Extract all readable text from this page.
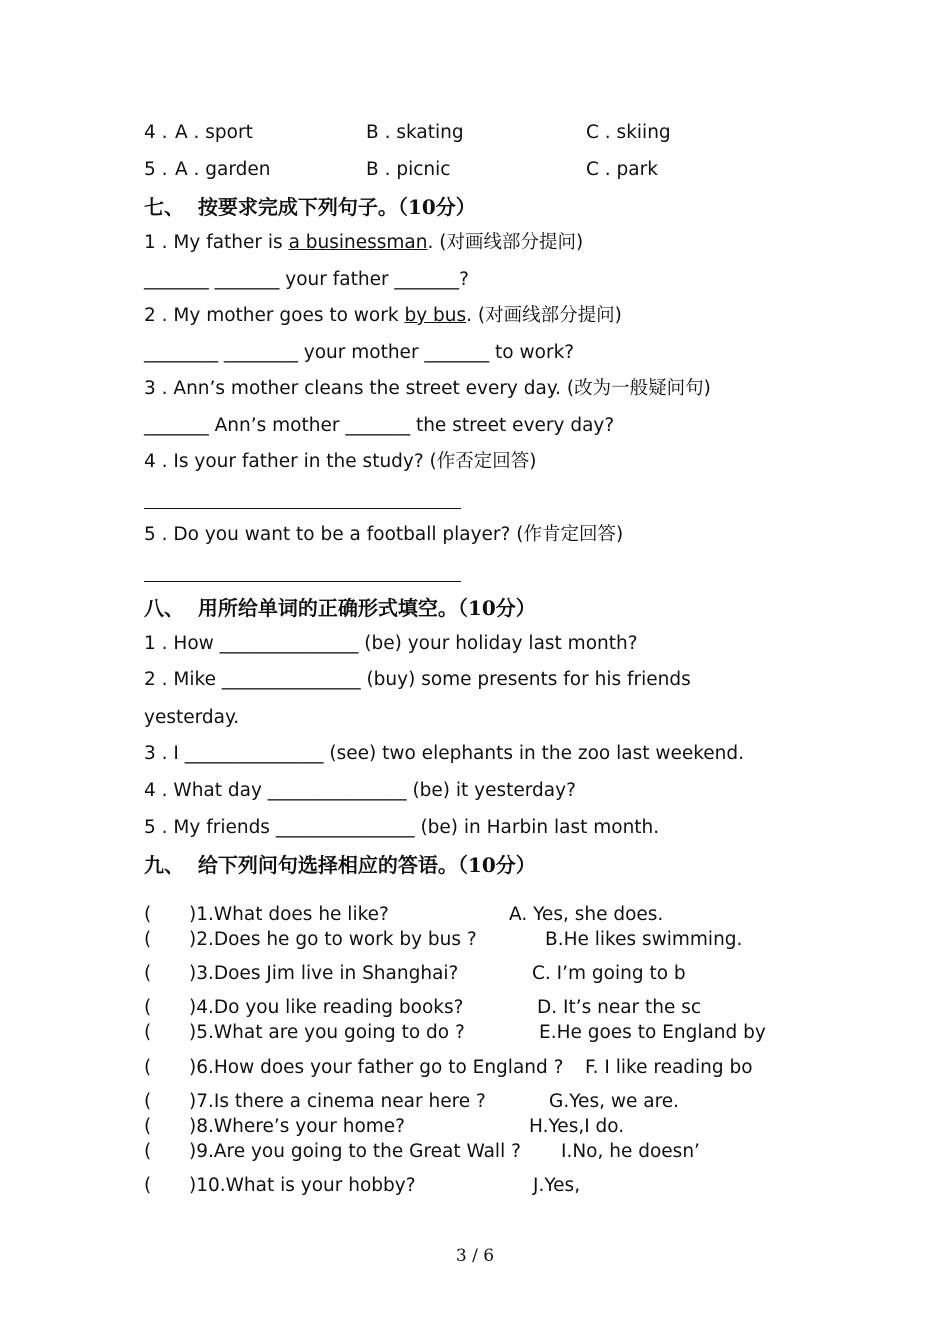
4 . A . sport	B . skating	C . skiing
5 . A . garden	B . picnic	C . park
七、  按要求完成下列句子。（10分）
1 . My father is a businessman. (对画线部分提问)
_______ _______ your father _______?
2 . My mother goes to work by bus. (对画线部分提问)
________ ________ your mother _______ to work?
3 . Ann’s mother cleans the street every day. (改为一般疑问句)
_______ Ann’s mother _______ the street every day?
4 . Is your father in the study? (作否定回答)
5 . Do you want to be a football player? (作肯定回答)
八、  用所给单词的正确形式填空。（10分）
1 . How _______________ (be) your holiday last month?
2 . Mike _______________ (buy) some presents for his friends
yesterday.
3 . I _______________ (see) two elephants in the zoo last weekend.
4 . What day _______________ (be) it yesterday?
5 . My friends _______________ (be) in Harbin last month.
九、  给下列问句选择相应的答语。（10分）
( )1.What does he like?	A. Yes, she does.
( )2.Does he go to work by bus ?	B.He likes swimming.
( )3.Does Jim live in Shanghai?	C. I’m going to b
( )4.Do you like reading books?	D. It’s near the sc
( )5.What are you going to do ?	E.He goes to England by
( )6.How does your father go to England ? F. I like reading bo
( )7.Is there a cinema near here ?	G.Yes, we are.
( )8.Where’s your home?	H.Yes,I do.
( )9.Are you going to the Great Wall ? I.No, he doesn’
( )10.What is your hobby?	J.Yes,
3 / 6
